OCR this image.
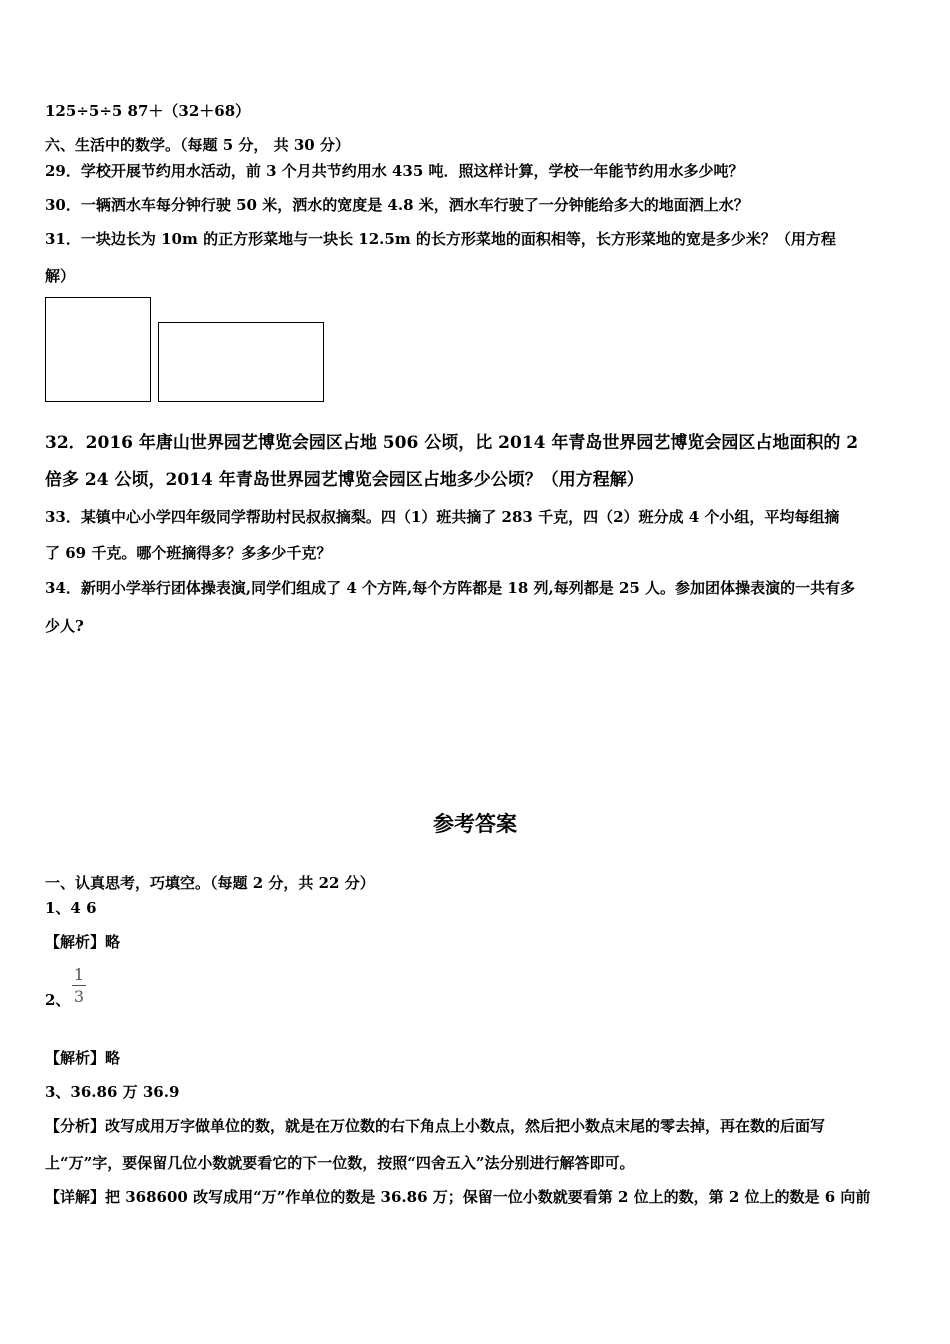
125÷5÷5 87＋（32＋68）
六、生活中的数学。（每题 5 分， 共 30 分）
29．学校开展节约用水活动，前 3 个月共节约用水 435 吨．照这样计算，学校一年能节约用水多少吨？
30．一辆洒水车每分钟行驶 50 米，洒水的宽度是 4.8 米，洒水车行驶了一分钟能给多大的地面洒上水？
31．一块边长为 10m 的正方形菜地与一块长 12.5m 的长方形菜地的面积相等，长方形菜地的宽是多少米？（用方程
解）
32．2016 年唐山世界园艺博览会园区占地 506 公顷，比 2014 年青岛世界园艺博览会园区占地面积的 2
倍多 24 公顷，2014 年青岛世界园艺博览会园区占地多少公顷？（用方程解）
33．某镇中心小学四年级同学帮助村民叔叔摘梨。四（1）班共摘了 283 千克，四（2）班分成 4 个小组，平均每组摘
了 69 千克。哪个班摘得多？多多少千克？
34．新明小学举行团体操表演,同学们组成了 4 个方阵,每个方阵都是 18 列,每列都是 25 人。参加团体操表演的一共有多
少人?
参考答案
一、认真思考，巧填空。（每题 2 分，共 22 分）
1、4 6
【解析】略
2、
1
3
【解析】略
3、36.86 万 36.9
【分析】改写成用万字做单位的数，就是在万位数的右下角点上小数点，然后把小数点末尾的零去掉，再在数的后面写
上“万”字，要保留几位小数就要看它的下一位数，按照“四舍五入”法分别进行解答即可。
【详解】把 368600 改写成用“万”作单位的数是 36.86 万；保留一位小数就要看第 2 位上的数，第 2 位上的数是 6 向前
